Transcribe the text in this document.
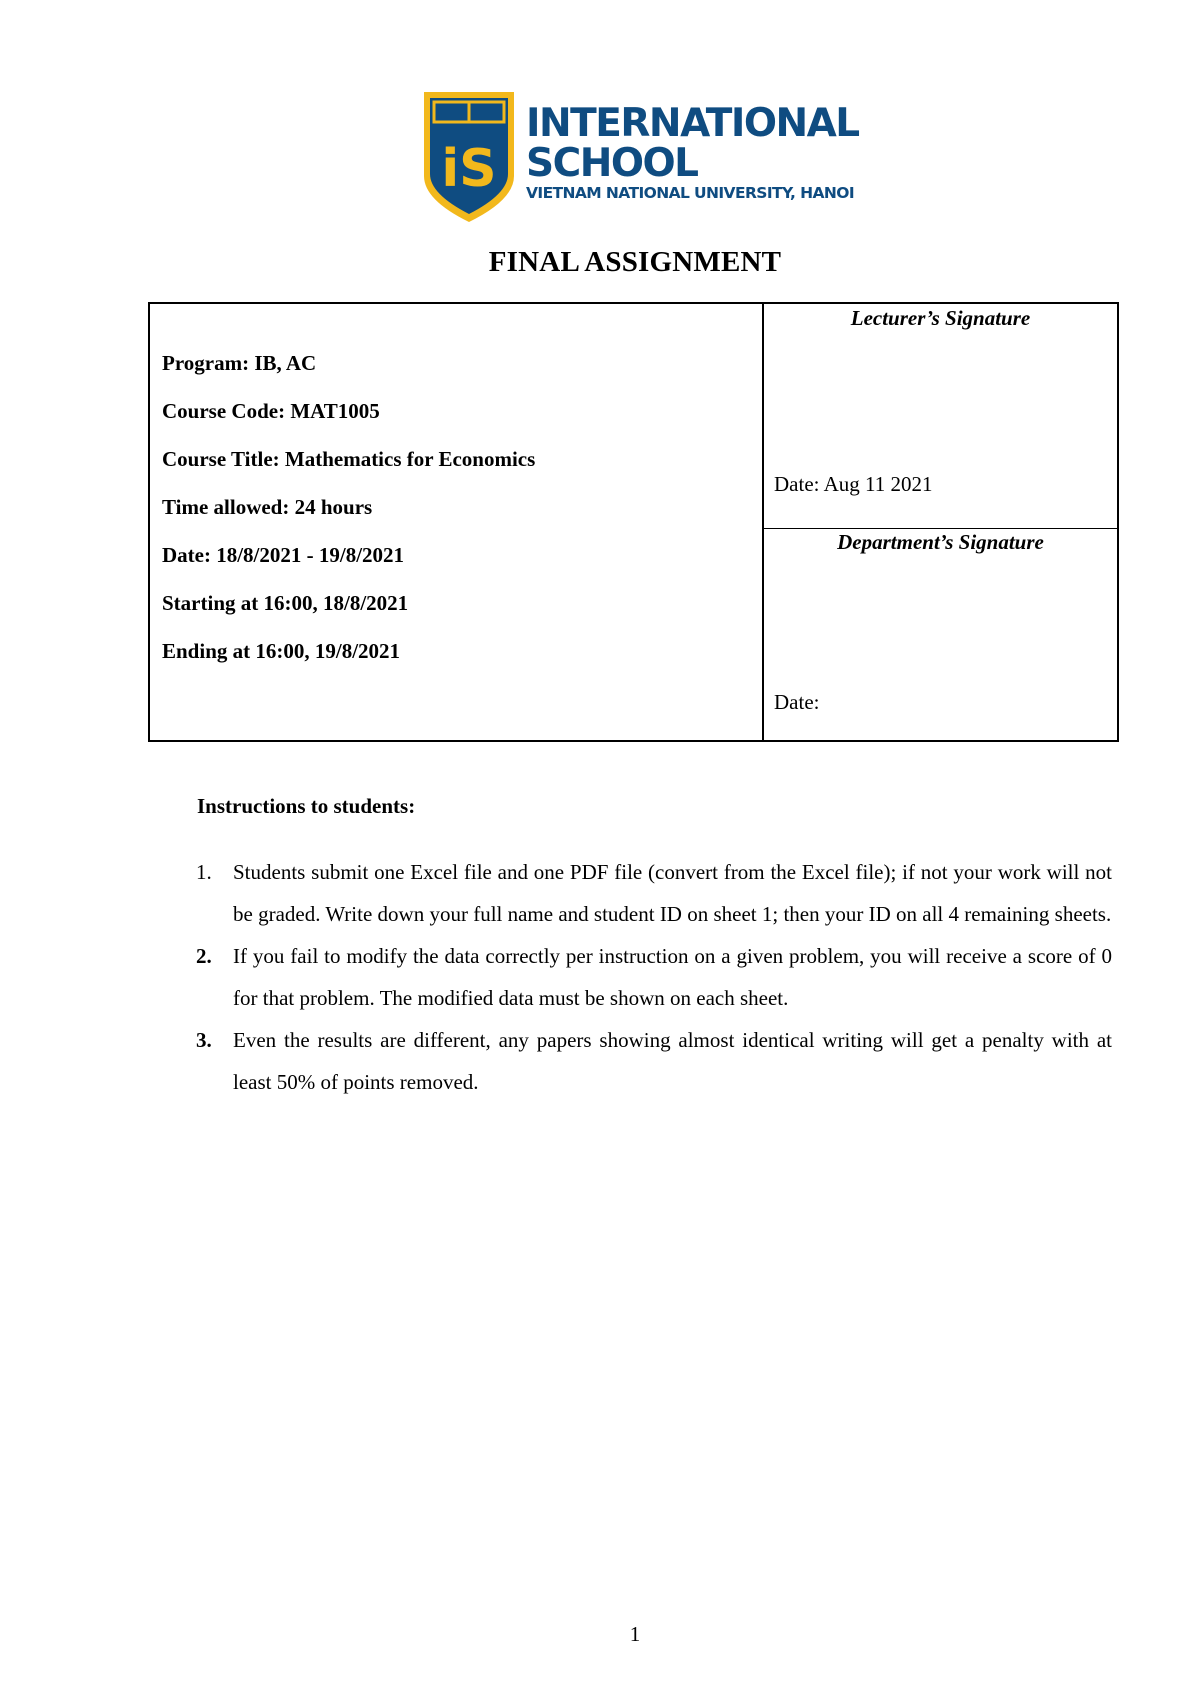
iS
INTERNATIONAL
SCHOOL
VIETNAM NATIONAL UNIVERSITY, HANOI
FINAL ASSIGNMENT
Program: IB, AC
Course Code: MAT1005
Course Title: Mathematics for Economics
Time allowed: 24 hours
Date: 18/8/2021 - 19/8/2021
Starting at 16:00, 18/8/2021
Ending at 16:00, 19/8/2021
Lecturer’s Signature
Date: Aug 11 2021
Department’s Signature
Date:
Instructions to students:
1. Students submit one Excel file and one PDF file (convert from the Excel file); if not your work will not be graded. Write down your full name and student ID on sheet 1; then your ID on all 4 remaining sheets.
2. If you fail to modify the data correctly per instruction on a given problem, you will receive a score of 0 for that problem. The modified data must be shown on each sheet.
3. Even the results are different, any papers showing almost identical writing will get a penalty with at least 50% of points removed.
1
